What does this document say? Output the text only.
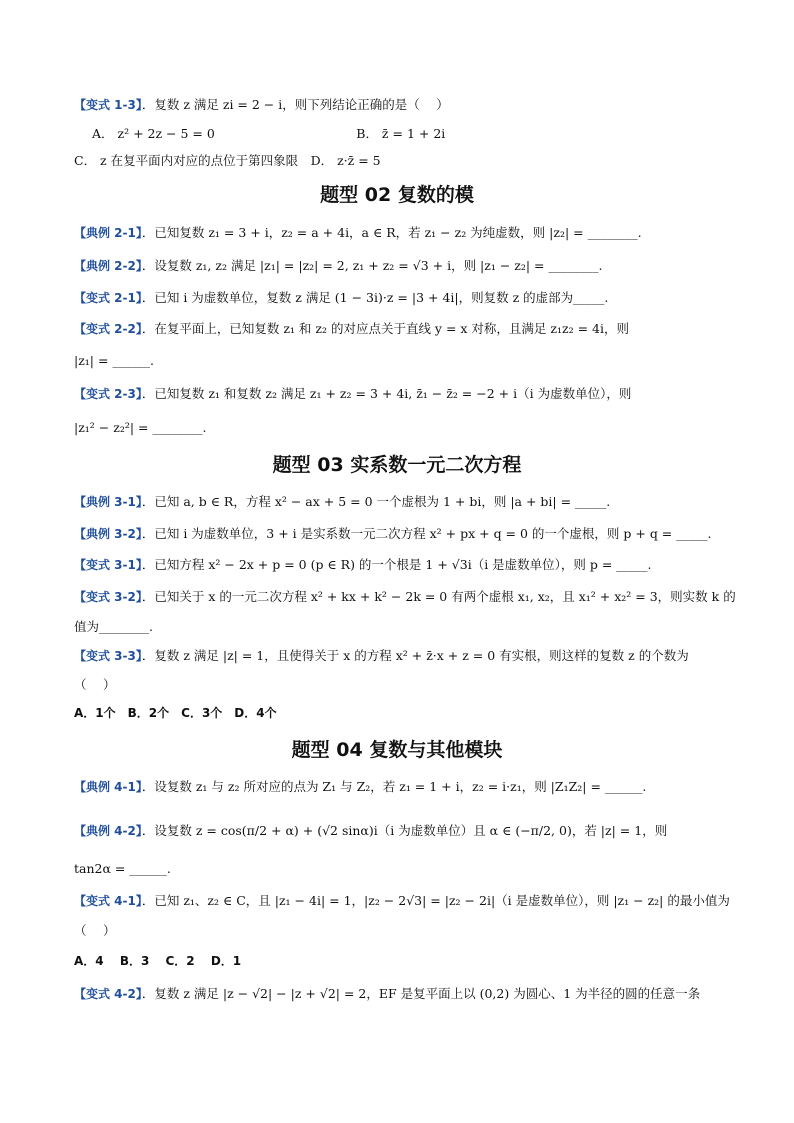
【变式 1-3】．复数 z 满足 zi = 2 − i，则下列结论正确的是（　 ）
A． z² + 2z − 5 = 0　　　　　　　　　　　 B． z̄ = 1 + 2i
C． z 在复平面内对应的点位于第四象限　D． z·z̄ = 5
题型 02 复数的模
【典例 2-1】．已知复数 z₁ = 3 + i，z₂ = a + 4i，a ∈ R，若 z₁ − z₂ 为纯虚数，则 |z₂| = ________.
【典例 2-2】．设复数 z₁, z₂ 满足 |z₁| = |z₂| = 2, z₁ + z₂ = √3 + i，则 |z₁ − z₂| = ________.
【变式 2-1】．已知 i 为虚数单位，复数 z 满足 (1 − 3i)·z = |3 + 4i|，则复数 z 的虚部为_____.
【变式 2-2】．在复平面上，已知复数 z₁ 和 z₂ 的对应点关于直线 y = x 对称，且满足 z₁z₂ = 4i，则
|z₁| = ______.
【变式 2-3】．已知复数 z₁ 和复数 z₂ 满足 z₁ + z₂ = 3 + 4i, z̄₁ − z̄₂ = −2 + i（i 为虚数单位），则
|z₁² − z₂²| = ________.
题型 03 实系数一元二次方程
【典例 3-1】．已知 a, b ∈ R，方程 x² − ax + 5 = 0 一个虚根为 1 + bi，则 |a + bi| = _____.
【典例 3-2】．已知 i 为虚数单位，3 + i 是实系数一元二次方程 x² + px + q = 0 的一个虚根，则 p + q = _____.
【变式 3-1】．已知方程 x² − 2x + p = 0 (p ∈ R) 的一个根是 1 + √3i（i 是虚数单位），则 p = _____.
【变式 3-2】．已知关于 x 的一元二次方程 x² + kx + k² − 2k = 0 有两个虚根 x₁, x₂，且 x₁² + x₂² = 3，则实数 k 的
值为________.
【变式 3-3】．复数 z 满足 |z| = 1，且使得关于 x 的方程 x² + z̄·x + z = 0 有实根，则这样的复数 z 的个数为
（　 ）
A．1个　B．2个　C．3个　D．4个
题型 04 复数与其他模块
【典例 4-1】．设复数 z₁ 与 z₂ 所对应的点为 Z₁ 与 Z₂，若 z₁ = 1 + i，z₂ = i·z₁，则 |Z₁Z₂| = ______.
【典例 4-2】．设复数 z = cos(π/2 + α) + (√2 sinα)i（i 为虚数单位）且 α ∈ (−π/2, 0)，若 |z| = 1，则
tan2α = ______.
【变式 4-1】．已知 z₁、z₂ ∈ C，且 |z₁ − 4i| = 1，|z₂ − 2√3| = |z₂ − 2i|（i 是虚数单位），则 |z₁ − z₂| 的最小值为
（　 ）
A．4　 B．3　 C．2　 D．1
【变式 4-2】．复数 z 满足 |z − √2| − |z + √2| = 2，EF 是复平面上以 (0,2) 为圆心、1 为半径的圆的任意一条
